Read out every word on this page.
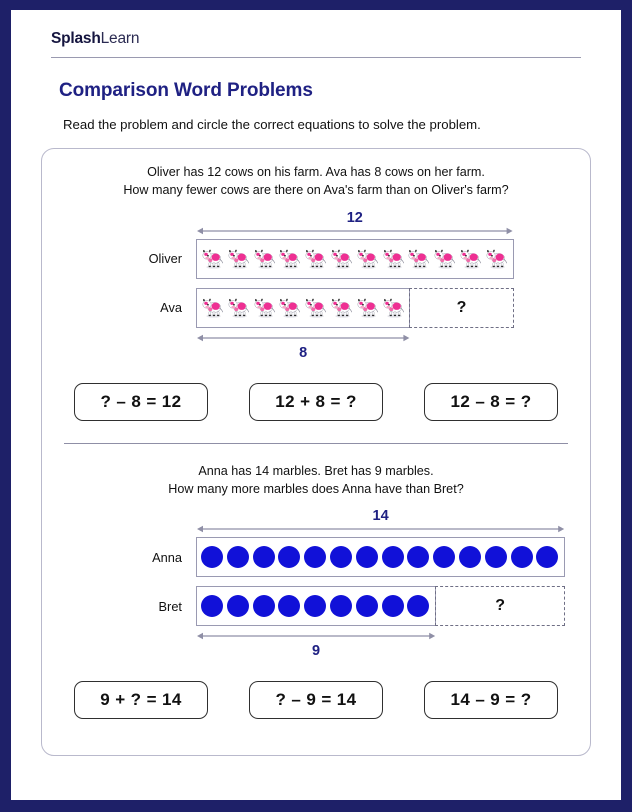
SplashLearn
Comparison Word Problems
Read the problem and circle the correct equations to solve the problem.
Oliver has 12 cows on his farm. Ava has 8 cows on her farm.
How many fewer cows are there on Ava's farm than on Oliver's farm?
12
Oliver
Ava	?
8
? – 8 = 12	12 + 8 = ?	12 – 8 = ?
Anna has 14 marbles. Bret has 9 marbles.
How many more marbles does Anna have than Bret?
14
Anna
Bret	?
9
9 + ? = 14	? – 9 = 14	14 – 9 = ?
